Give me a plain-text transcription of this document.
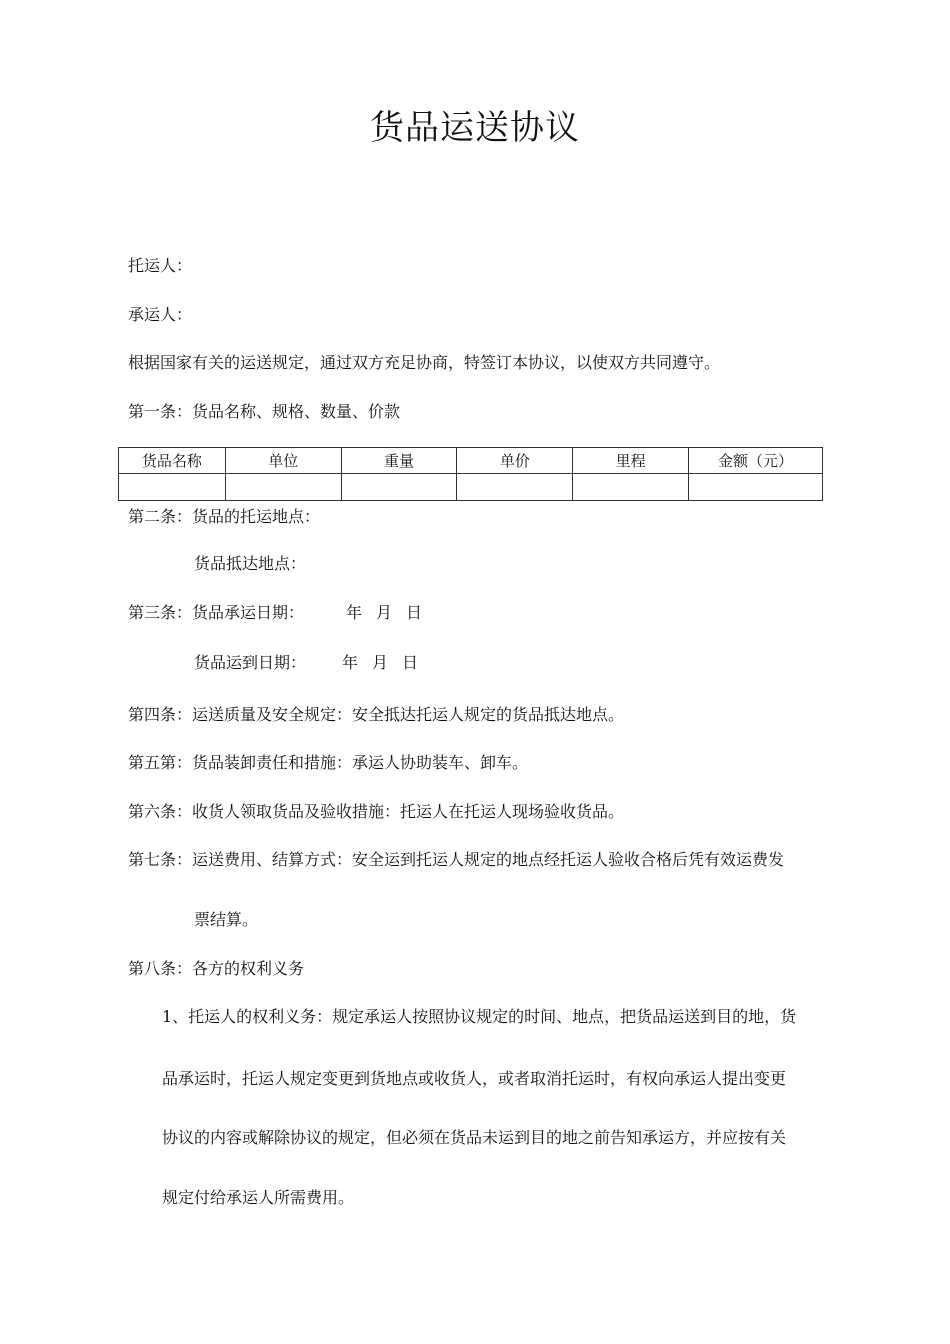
货品运送协议
托运人：
承运人：
根据国家有关的运送规定，通过双方充足协商，特签订本协议，以使双方共同遵守。
第一条：货品名称、规格、数量、价款
货品名称	单位	重量	单价	里程	金额（元）

第二条：货品的托运地点：
货品抵达地点：
第三条：货品承运日期：	年 月 日
货品运到日期： 年 月 日
第四条：运送质量及安全规定：安全抵达托运人规定的货品抵达地点。
第五第：货品装卸责任和措施：承运人协助装车、卸车。
第六条：收货人领取货品及验收措施：托运人在托运人现场验收货品。
第七条：运送费用、结算方式：安全运到托运人规定的地点经托运人验收合格后凭有效运费发
票结算。
第八条：各方的权利义务
1、托运人的权利义务：规定承运人按照协议规定的时间、地点，把货品运送到目的地，货
品承运时，托运人规定变更到货地点或收货人，或者取消托运时，有权向承运人提出变更
协议的内容或解除协议的规定，但必须在货品未运到目的地之前告知承运方，并应按有关
规定付给承运人所需费用。
